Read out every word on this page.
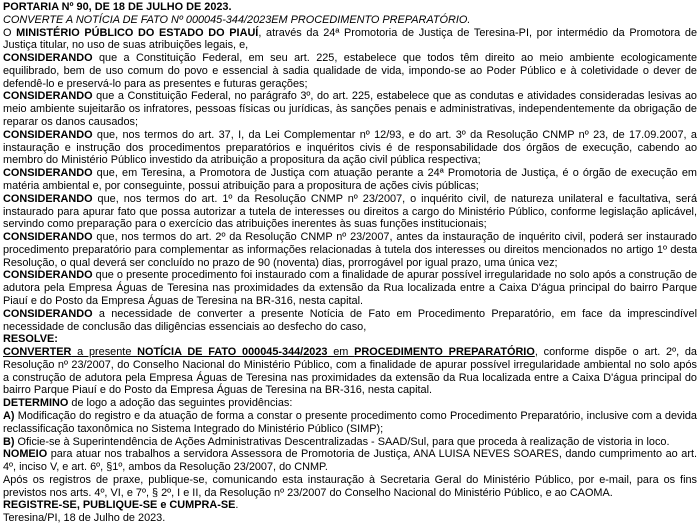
PORTARIA Nº 90, DE 18 DE JULHO DE 2023.

CONVERTE A NOTÍCIA DE FATO Nº 000045-344/2023EM PROCEDIMENTO PREPARATÓRIO.

O MINISTÉRIO PÚBLICO DO ESTADO DO PIAUÍ, através da 24ª Promotoria de Justiça de Teresina-PI, por intermédio da Promotora de Justiça titular, no uso de suas atribuições legais, e,

CONSIDERANDO que a Constituição Federal, em seu art. 225, estabelece que todos têm direito ao meio ambiente ecologicamente equilibrado, bem de uso comum do povo e essencial à sadia qualidade de vida, impondo-se ao Poder Público e à coletividade o dever de defendê-lo e preservá-lo para as presentes e futuras gerações;

CONSIDERANDO que a Constituição Federal, no parágrafo 3º, do art. 225, estabelece que as condutas e atividades consideradas lesivas ao meio ambiente sujeitarão os infratores, pessoas físicas ou jurídicas, às sanções penais e administrativas, independentemente da obrigação de reparar os danos causados;

CONSIDERANDO que, nos termos do art. 37, I, da Lei Complementar nº 12/93, e do art. 3º da Resolução CNMP nº 23, de 17.09.2007, a instauração e instrução dos procedimentos preparatórios e inquéritos civis é de responsabilidade dos órgãos de execução, cabendo ao membro do Ministério Público investido da atribuição a propositura da ação civil pública respectiva;

CONSIDERANDO que, em Teresina, a Promotora de Justiça com atuação perante a 24ª Promotoria de Justiça, é o órgão de execução em matéria ambiental e, por conseguinte, possui atribuição para a propositura de ações civis públicas;

CONSIDERANDO que, nos termos do art. 1º da Resolução CNMP nº 23/2007, o inquérito civil, de natureza unilateral e facultativa, será instaurado para apurar fato que possa autorizar a tutela de interesses ou direitos a cargo do Ministério Público, conforme legislação aplicável, servindo como preparação para o exercício das atribuições inerentes às suas funções institucionais;

CONSIDERANDO que, nos termos do art. 2º da Resolução CNMP nº 23/2007, antes da instauração de inquérito civil, poderá ser instaurado procedimento preparatório para complementar as informações relacionadas à tutela dos interesses ou direitos mencionados no artigo 1º desta Resolução, o qual deverá ser concluído no prazo de 90 (noventa) dias, prorrogável por igual prazo, uma única vez;

CONSIDERANDO que o presente procedimento foi instaurado com a finalidade de apurar possível irregularidade no solo após a construção de adutora pela Empresa Águas de Teresina nas proximidades da extensão da Rua localizada entre a Caixa D'água principal do bairro Parque Piauí e do Posto da Empresa Águas de Teresina na BR-316, nesta capital.

CONSIDERANDO a necessidade de converter a presente Notícia de Fato em Procedimento Preparatório, em face da imprescindível necessidade de conclusão das diligências essenciais ao desfecho do caso,

RESOLVE:

CONVERTER a presente NOTÍCIA DE FATO 000045-344/2023 em PROCEDIMENTO PREPARATÓRIO, conforme dispõe o art. 2º, da Resolução nº 23/2007, do Conselho Nacional do Ministério Público, com a finalidade de apurar possível irregularidade ambiental no solo após a construção de adutora pela Empresa Águas de Teresina nas proximidades da extensão da Rua localizada entre a Caixa D'água principal do bairro Parque Piauí e do Posto da Empresa Águas de Teresina na BR-316, nesta capital.

DETERMINO de logo a adoção das seguintes providências:

A) Modificação do registro e da atuação de forma a constar o presente procedimento como Procedimento Preparatório, inclusive com a devida reclassificação taxonômica no Sistema Integrado do Ministério Público (SIMP);

B) Oficie-se à Superintendência de Ações Administrativas Descentralizadas - SAAD/Sul, para que proceda à realização de vistoria in loco.

NOMEIO para atuar nos trabalhos a servidora Assessora de Promotoria de Justiça, ANA LUISA NEVES SOARES, dando cumprimento ao art. 4º, inciso V, e art. 6º, §1º, ambos da Resolução 23/2007, do CNMP.

Após os registros de praxe, publique-se, comunicando esta instauração à Secretaria Geral do Ministério Público, por e-mail, para os fins previstos nos arts. 4º, VI, e 7º, § 2º, I e II, da Resolução nº 23/2007 do Conselho Nacional do Ministério Público, e ao CAOMA.

REGISTRE-SE, PUBLIQUE-SE e CUMPRA-SE.

Teresina/PI, 18 de Julho de 2023.
